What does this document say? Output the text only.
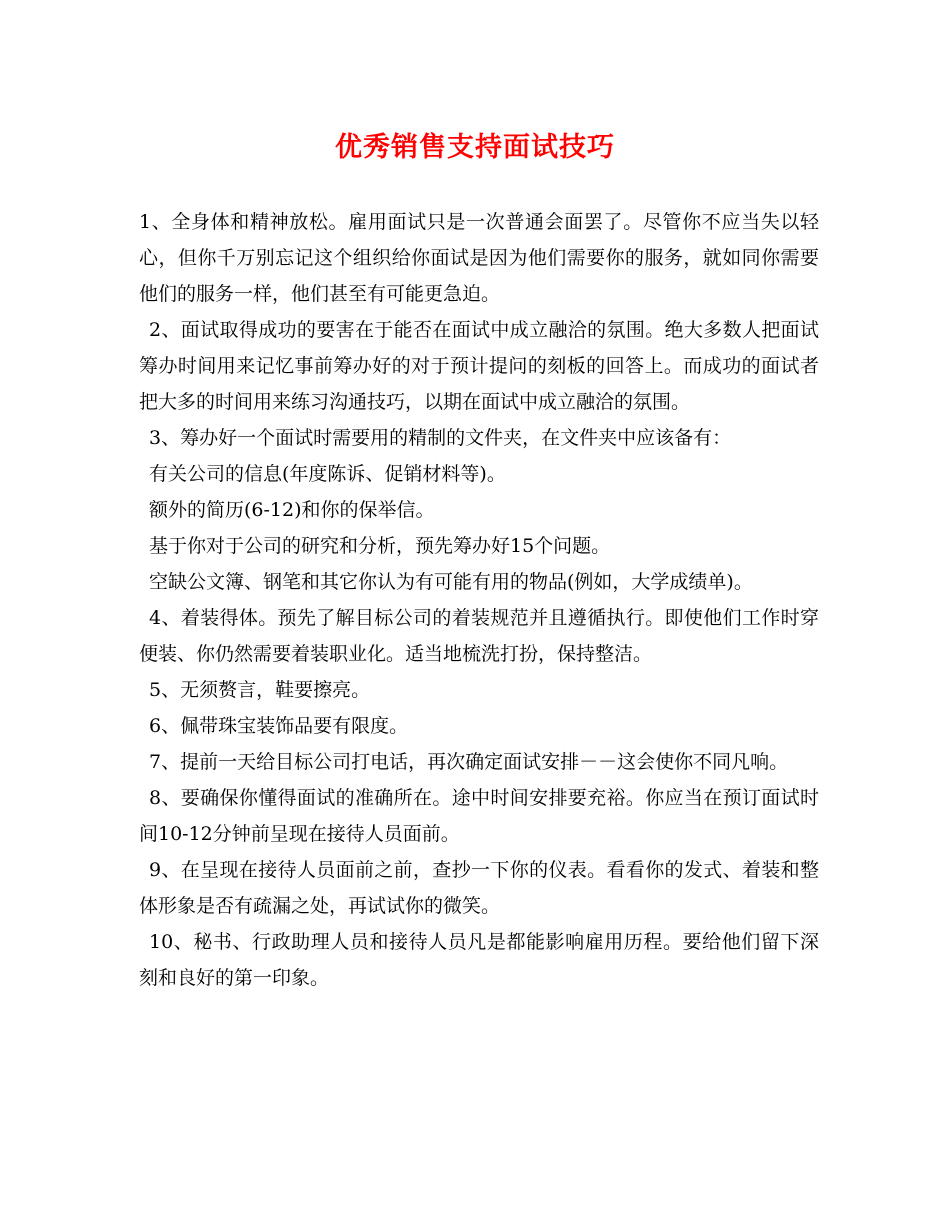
优秀销售支持面试技巧

1、全身体和精神放松。雇用面试只是一次普通会面罢了。尽管你不应当失以轻心，但你千万别忘记这个组织给你面试是因为他们需要你的服务，就如同你需要他们的服务一样，他们甚至有可能更急迫。

2、面试取得成功的要害在于能否在面试中成立融洽的氛围。绝大多数人把面试筹办时间用来记忆事前筹办好的对于预计提问的刻板的回答上。而成功的面试者把大多的时间用来练习沟通技巧，以期在面试中成立融洽的氛围。

3、筹办好一个面试时需要用的精制的文件夹，在文件夹中应该备有：

有关公司的信息(年度陈诉、促销材料等)。

额外的简历(6-12)和你的保举信。

基于你对于公司的研究和分析，预先筹办好15个问题。

空缺公文簿、钢笔和其它你认为有可能有用的物品(例如，大学成绩单)。

4、着装得体。预先了解目标公司的着装规范并且遵循执行。即使他们工作时穿便装、你仍然需要着装职业化。适当地梳洗打扮，保持整洁。

5、无须赘言，鞋要擦亮。

6、佩带珠宝装饰品要有限度。

7、提前一天给目标公司打电话，再次确定面试安排－－这会使你不同凡响。

8、要确保你懂得面试的准确所在。途中时间安排要充裕。你应当在预订面试时间10-12分钟前呈现在接待人员面前。

9、在呈现在接待人员面前之前，查抄一下你的仪表。看看你的发式、着装和整体形象是否有疏漏之处，再试试你的微笑。

10、秘书、行政助理人员和接待人员凡是都能影响雇用历程。要给他们留下深刻和良好的第一印象。
